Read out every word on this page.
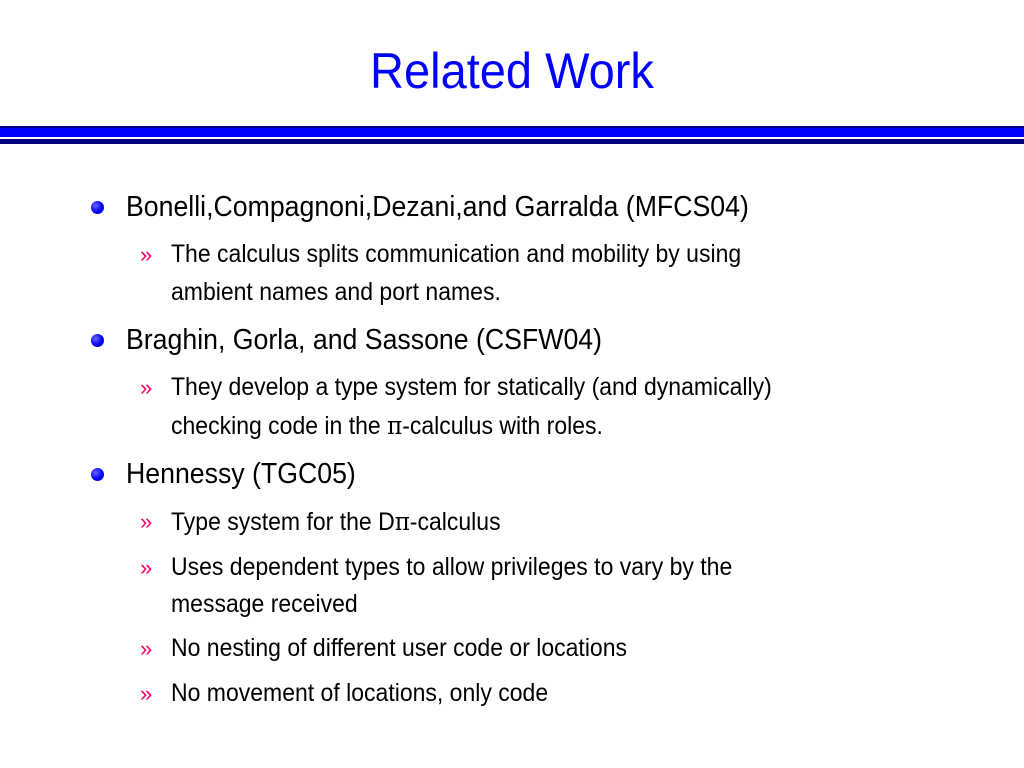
Related Work
Bonelli,Compagnoni,Dezani,and Garralda (MFCS04)
» The calculus splits communication and mobility by using
ambient names and port names.
Braghin, Gorla, and Sassone (CSFW04)
» They develop a type system for statically (and dynamically)
checking code in the π-calculus with roles.
Hennessy (TGC05)
» Type system for the Dπ-calculus
» Uses dependent types to allow privileges to vary by the
message received
» No nesting of different user code or locations
» No movement of locations, only code
